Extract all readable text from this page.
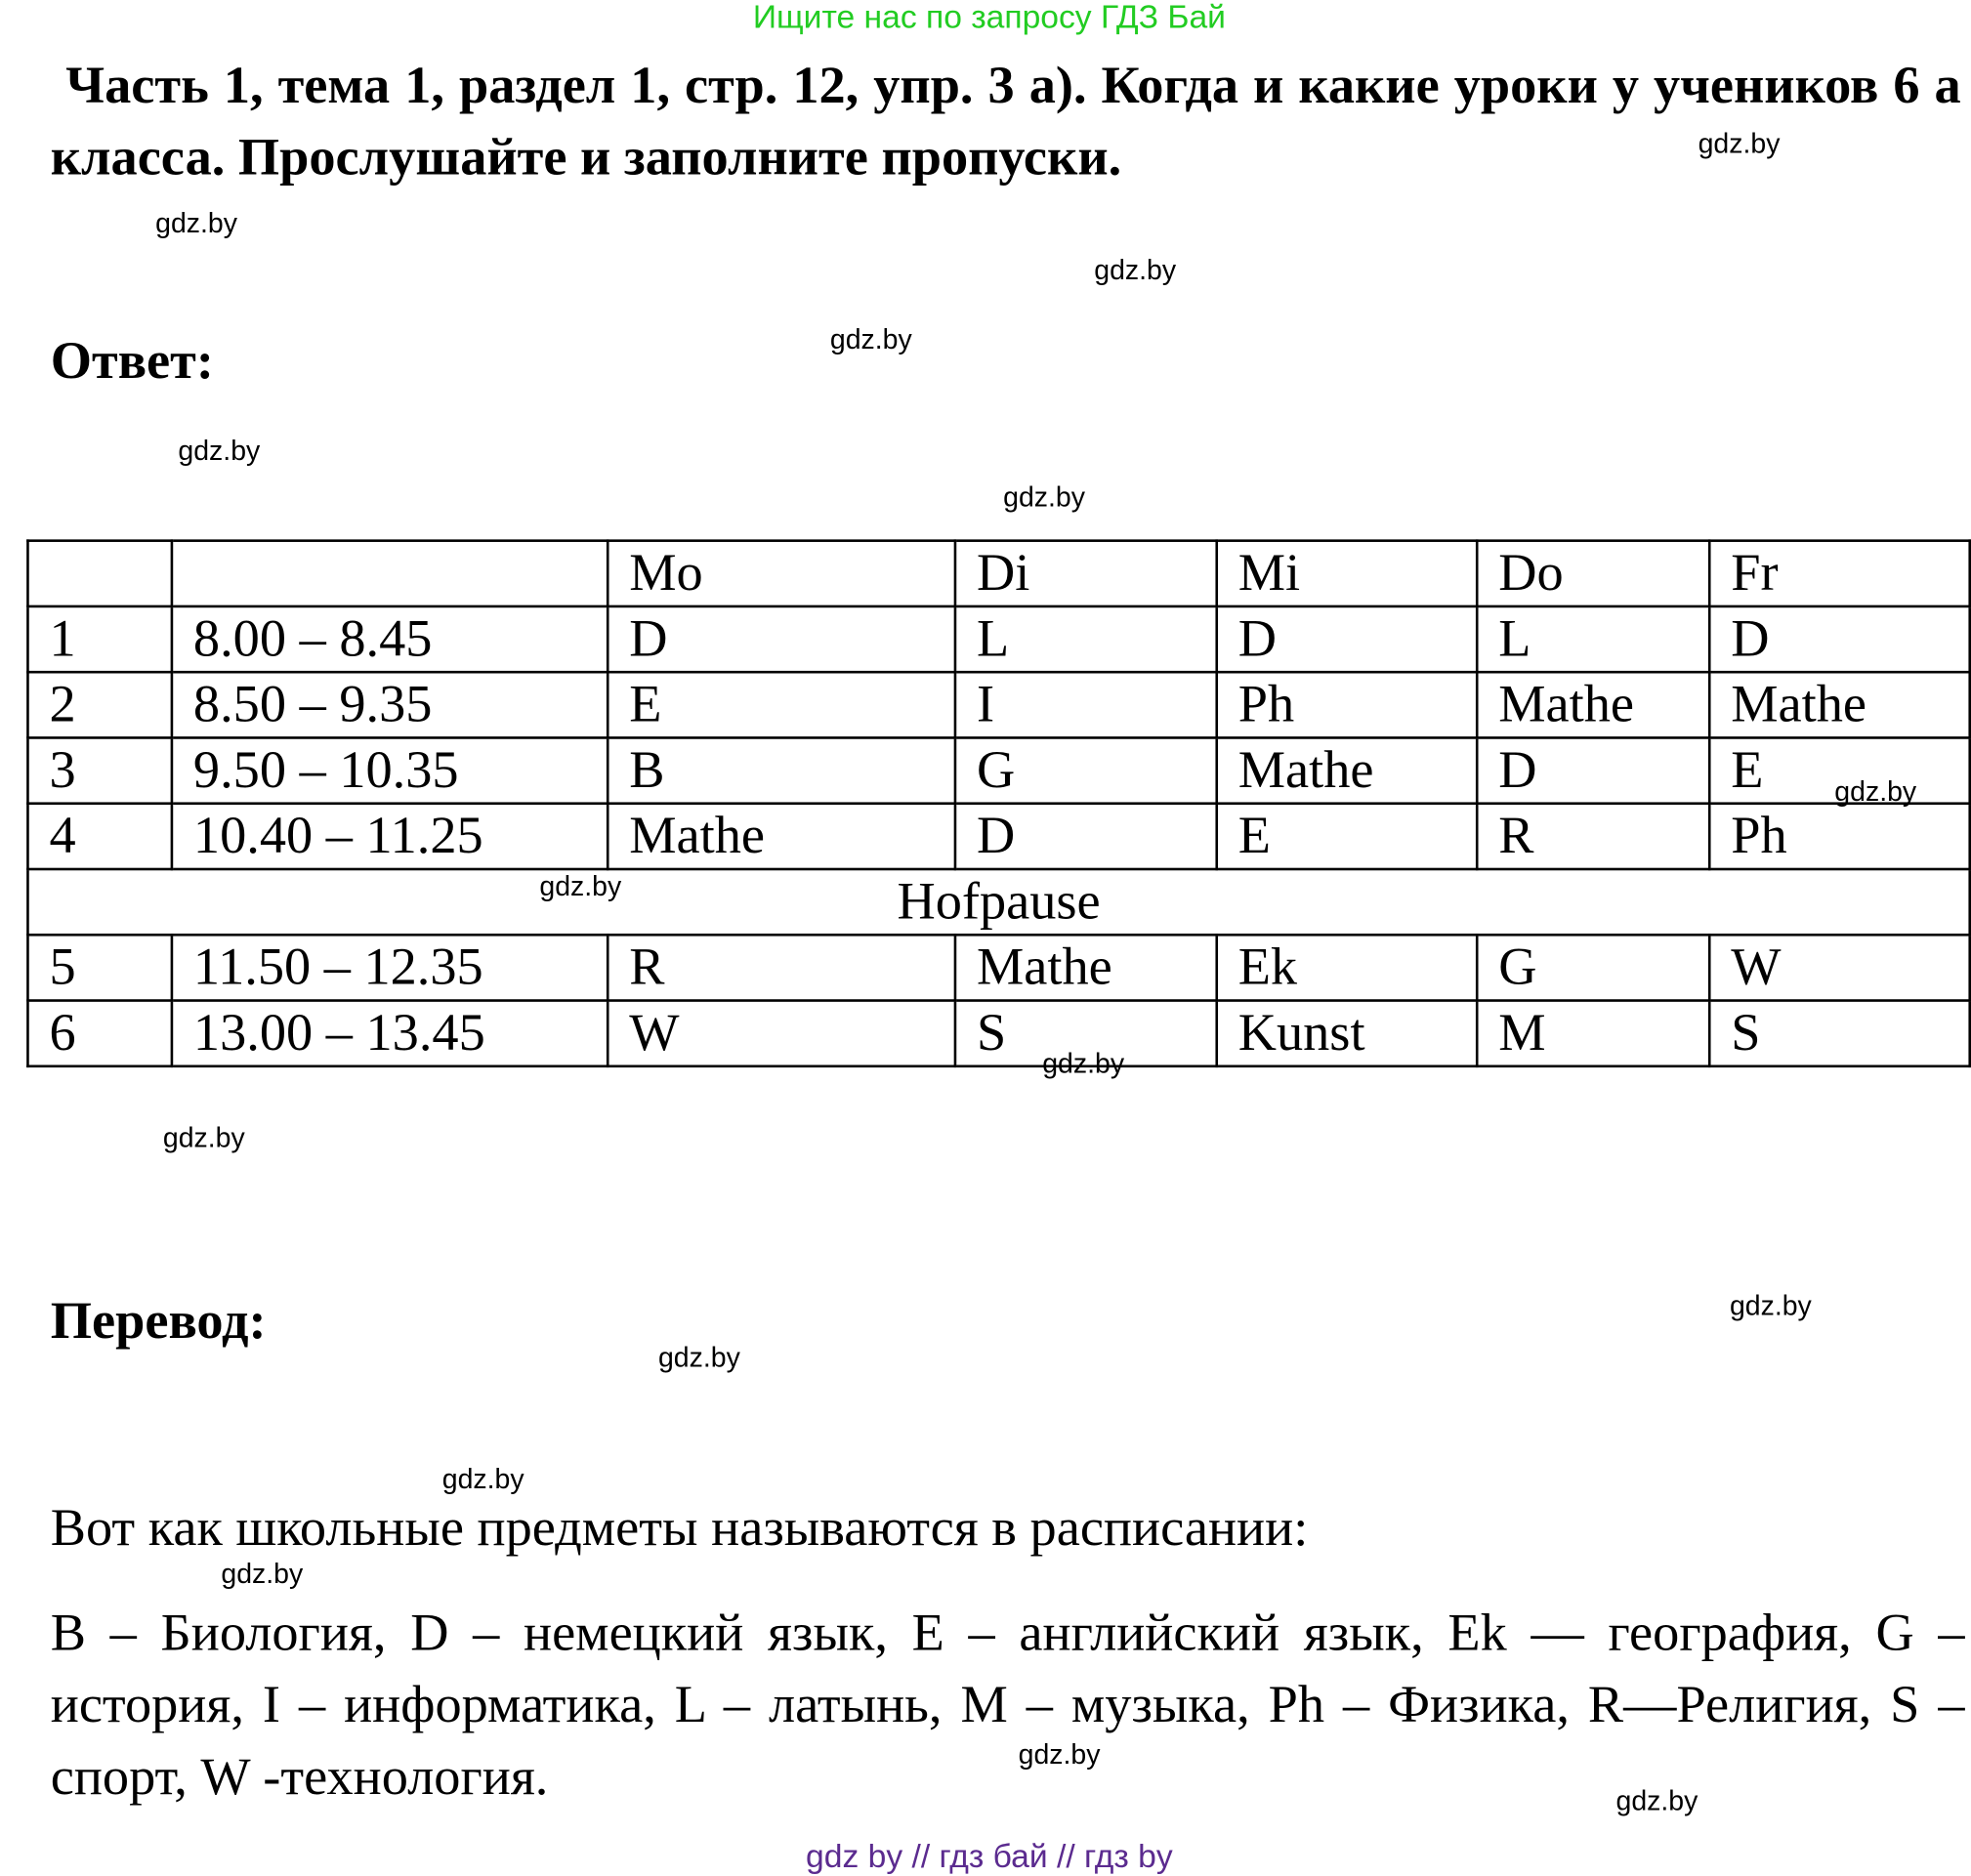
Ищите нас по запросу ГДЗ Бай
Часть 1, тема 1, раздел 1, стр. 12, упр. 3 а). Когда и какие уроки у учеников 6 а класса. Прослушайте и заполните пропуски.
Ответ:
		Mo	Di	Mi	Do	Fr
1	8.00 – 8.45	D	L	D	L	D
2	8.50 – 9.35	E	I	Ph	Mathe	Mathe
3	9.50 – 10.35	B	G	Mathe	D	E
4	10.40 – 11.25	Mathe	D	E	R	Ph
Hofpause						
5	11.50 – 12.35	R	Mathe	Ek	G	W
6	13.00 – 13.45	W	S	Kunst	M	S
Перевод:
Вот как школьные предметы называются в расписании:
B – Биология, D – немецкий язык, E – английский язык, Ek — география, G – история, I – информатика, L – латынь, M – музыка, Ph – Физика, R—Религия, S – спорт, W -технология.
gdz by // гдз бай // гдз by
gdz.by
gdz.by
gdz.by
gdz.by
gdz.by
gdz.by
gdz.by
gdz.by
gdz.by
gdz.by
gdz.by
gdz.by
gdz.by
gdz.by
gdz.by
gdz.by
